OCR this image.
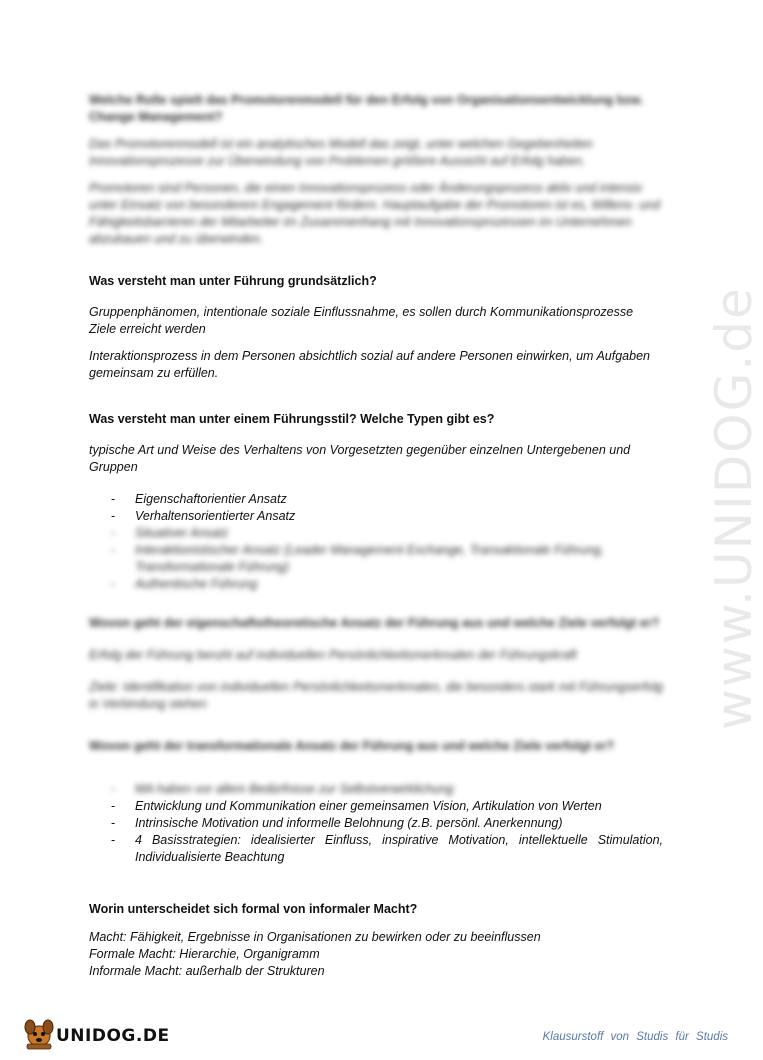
www.UNIDOG.de

Welche Rolle spielt das Promotorenmodell für den Erfolg von Organisationsentwicklung bzw. Change Management?

Das Promotorenmodell ist ein analytisches Modell das zeigt, unter welchen Gegebenheiten Innovationsprozesse zur Überwindung von Problemen größere Aussicht auf Erfolg haben.

Promotoren sind Personen, die einen Innovationsprozess oder Änderungsprozess aktiv und intensiv unter Einsatz von besonderem Engagement fördern. Hauptaufgabe der Promotoren ist es, Willens- und Fähigkeitsbarrieren der Mitarbeiter im Zusammenhang mit Innovationsprozessen im Unternehmen abzubauen und zu überwinden.

Was versteht man unter Führung grundsätzlich?

Gruppenphänomen, intentionale soziale Einflussnahme, es sollen durch Kommunikationsprozesse Ziele erreicht werden

Interaktionsprozess in dem Personen absichtlich sozial auf andere Personen einwirken, um Aufgaben gemeinsam zu erfüllen.

Was versteht man unter einem Führungsstil? Welche Typen gibt es?

typische Art und Weise des Verhaltens von Vorgesetzten gegenüber einzelnen Untergebenen und Gruppen

- Eigenschaftorientier Ansatz
- Verhaltensorientierter Ansatz
- Situativer Ansatz
- Interaktionistischer Ansatz (Leader Management Exchange, Transaktionale Führung, Transformationale Führung)
- Authentische Führung

Wovon geht der eigenschaftstheoretische Ansatz der Führung aus und welche Ziele verfolgt er?

Erfolg der Führung beruht auf individuellen Persönlichkeitsmerkmalen der Führungskraft

Ziele: Identifikation von individuellen Persönlichkeitsmerkmalen, die besonders stark mit Führungserfolg in Verbindung stehen

Wovon geht der transformationale Ansatz der Führung aus und welche Ziele verfolgt er?

- MA haben vor allem Bedürfnisse zur Selbstverwirklichung
- Entwicklung und Kommunikation einer gemeinsamen Vision, Artikulation von Werten
- Intrinsische Motivation und informelle Belohnung (z.B. persönl. Anerkennung)
- 4 Basisstrategien: idealisierter Einfluss, inspirative Motivation, intellektuelle Stimulation, Individualisierte Beachtung

Worin unterscheidet sich formal von informaler Macht?

Macht: Fähigkeit, Ergebnisse in Organisationen zu bewirken oder zu beeinflussen

Formale Macht: Hierarchie, Organigramm

Informale Macht: außerhalb der Strukturen

UNIDOG.DE	Klausurstoff von Studis für Studis
